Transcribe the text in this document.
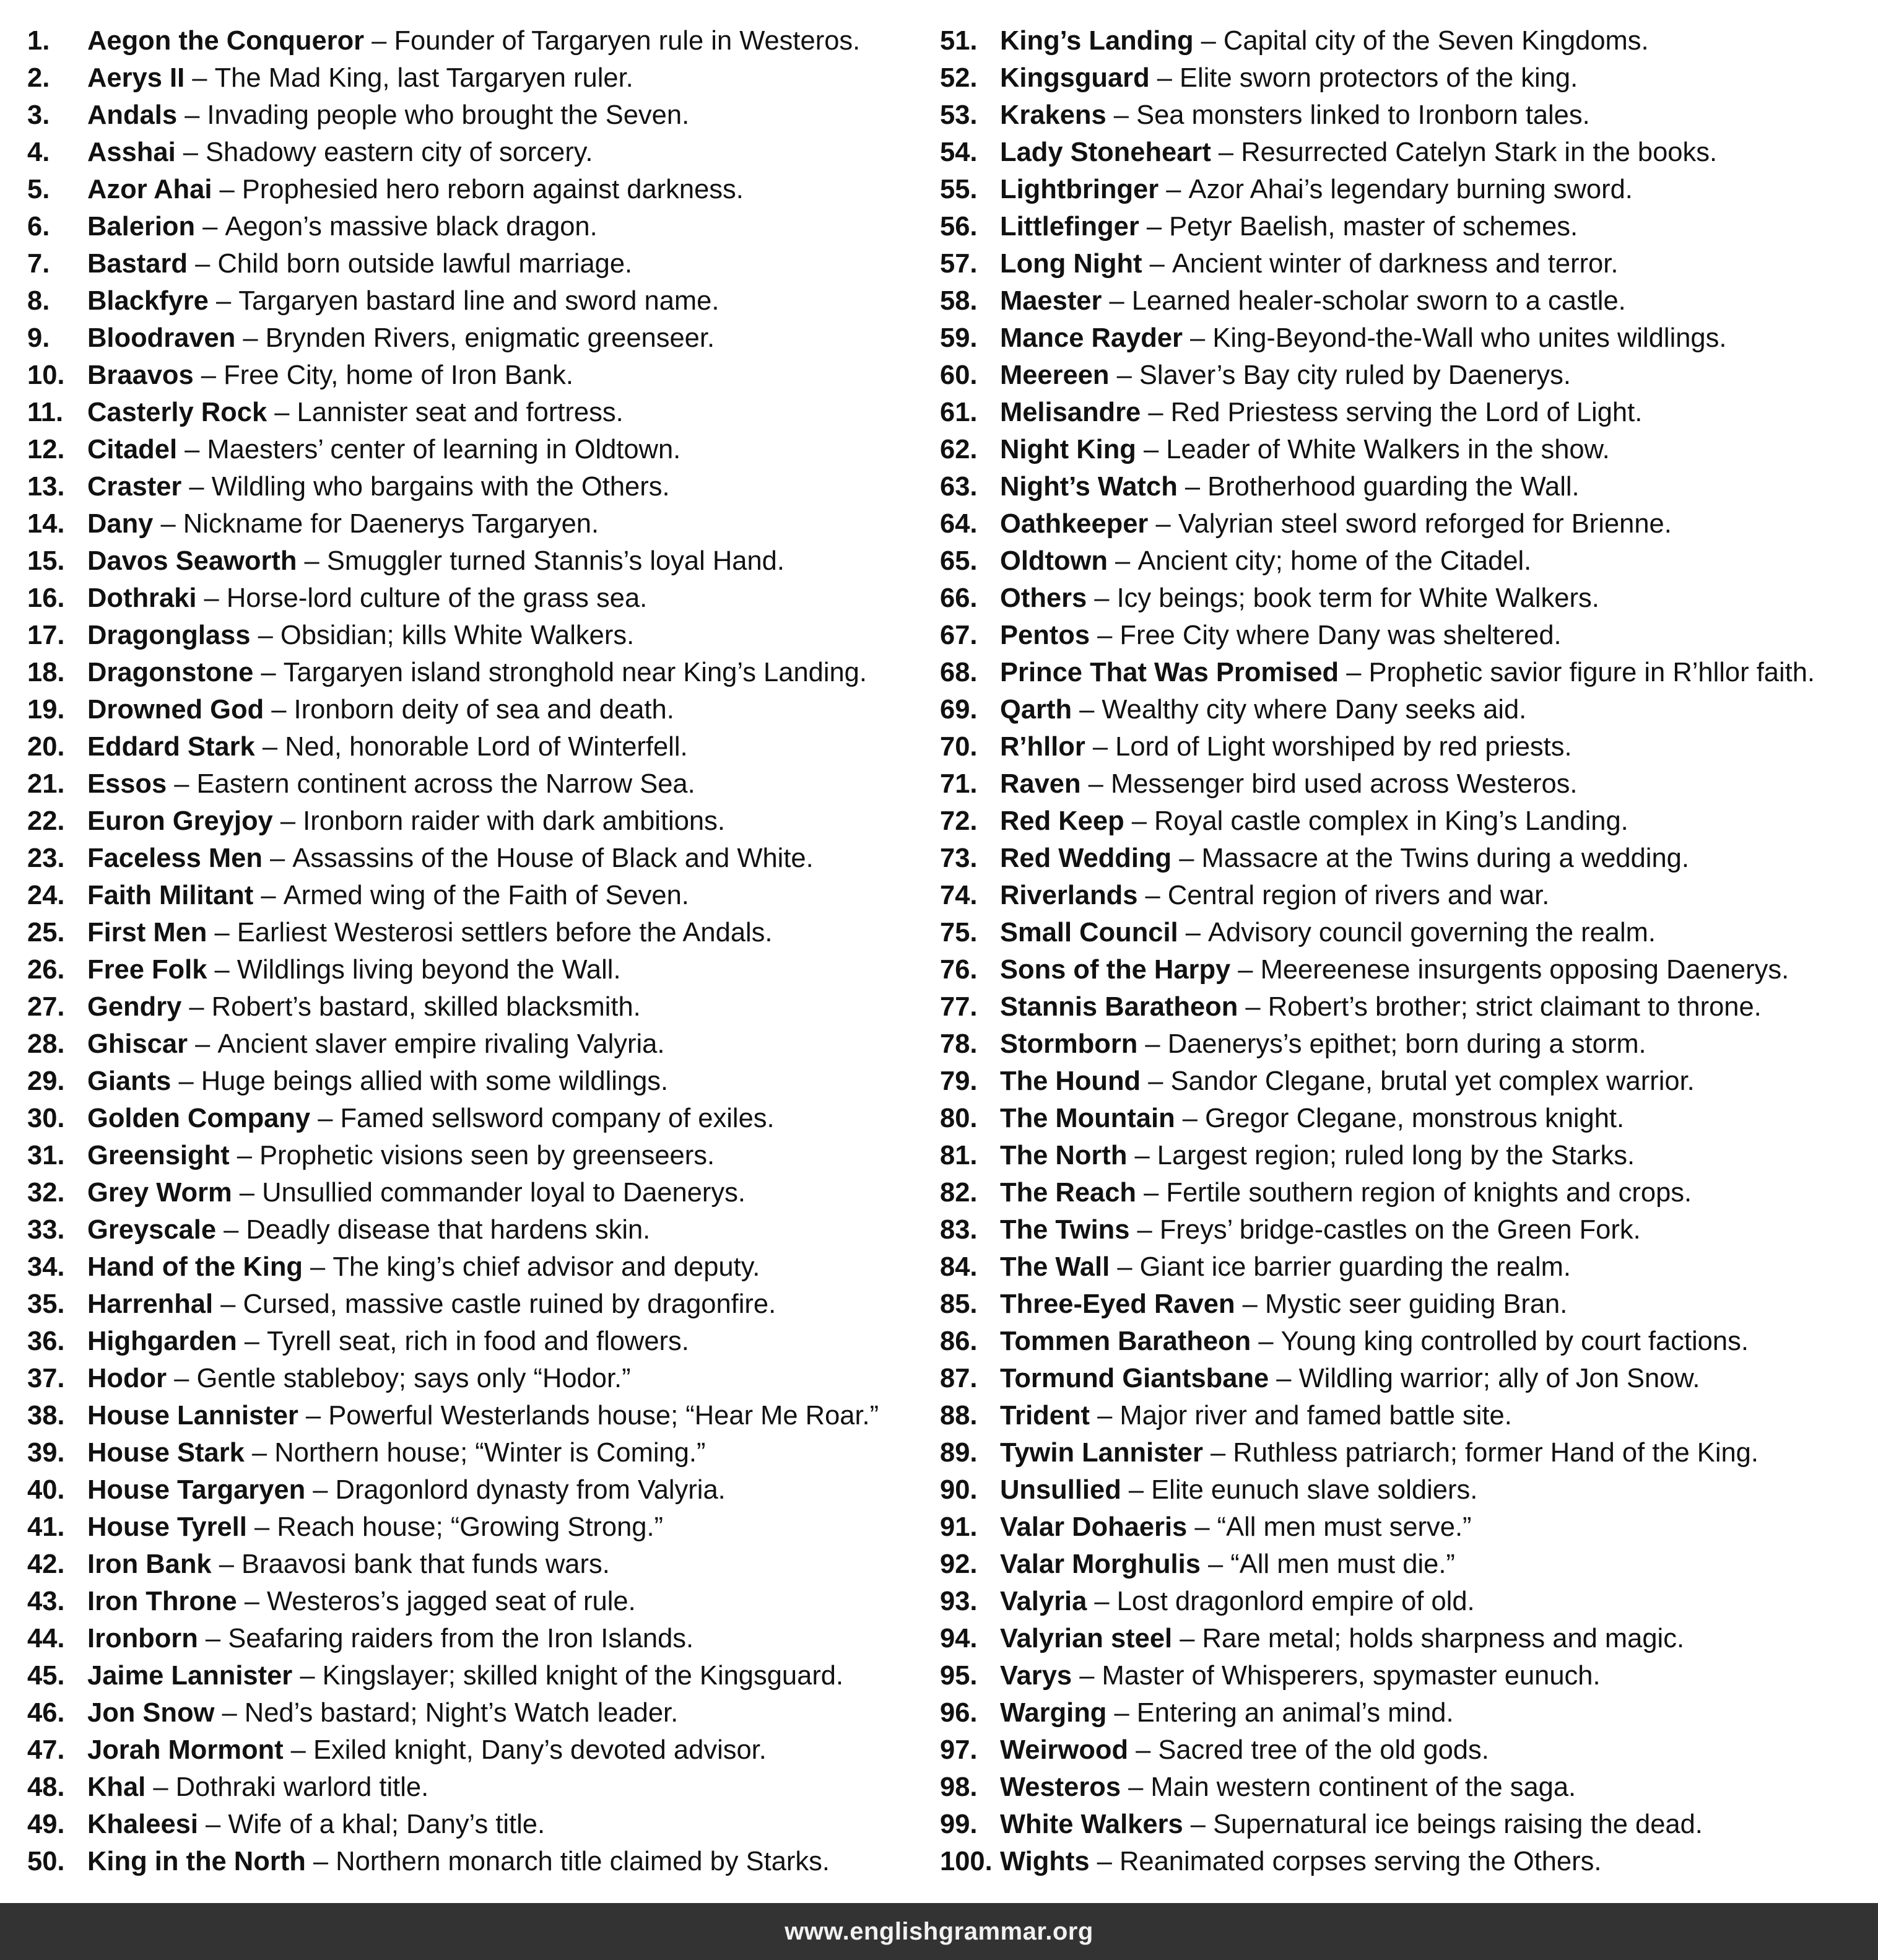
1.	Aegon the Conqueror – Founder of Targaryen rule in Westeros.
2.	Aerys II – The Mad King, last Targaryen ruler.
3.	Andals – Invading people who brought the Seven.
4.	Asshai – Shadowy eastern city of sorcery.
5.	Azor Ahai – Prophesied hero reborn against darkness.
6.	Balerion – Aegon’s massive black dragon.
7.	Bastard – Child born outside lawful marriage.
8.	Blackfyre – Targaryen bastard line and sword name.
9.	Bloodraven – Brynden Rivers, enigmatic greenseer.
10. Braavos – Free City, home of Iron Bank.
11. Casterly Rock – Lannister seat and fortress.
12. Citadel – Maesters’ center of learning in Oldtown.
13. Craster – Wildling who bargains with the Others.
14. Dany – Nickname for Daenerys Targaryen.
15. Davos Seaworth – Smuggler turned Stannis’s loyal Hand.
16. Dothraki – Horse-lord culture of the grass sea.
17. Dragonglass – Obsidian; kills White Walkers.
18. Dragonstone – Targaryen island stronghold near King’s Landing.
19. Drowned God – Ironborn deity of sea and death.
20. Eddard Stark – Ned, honorable Lord of Winterfell.
21. Essos – Eastern continent across the Narrow Sea.
22. Euron Greyjoy – Ironborn raider with dark ambitions.
23. Faceless Men – Assassins of the House of Black and White.
24. Faith Militant – Armed wing of the Faith of Seven.
25. First Men – Earliest Westerosi settlers before the Andals.
26. Free Folk – Wildlings living beyond the Wall.
27. Gendry – Robert’s bastard, skilled blacksmith.
28. Ghiscar – Ancient slaver empire rivaling Valyria.
29. Giants – Huge beings allied with some wildlings.
30. Golden Company – Famed sellsword company of exiles.
31. Greensight – Prophetic visions seen by greenseers.
32. Grey Worm – Unsullied commander loyal to Daenerys.
33. Greyscale – Deadly disease that hardens skin.
34. Hand of the King – The king’s chief advisor and deputy.
35. Harrenhal – Cursed, massive castle ruined by dragonfire.
36. Highgarden – Tyrell seat, rich in food and flowers.
37. Hodor – Gentle stableboy; says only “Hodor.”
38. House Lannister – Powerful Westerlands house; “Hear Me Roar.”
39. House Stark – Northern house; “Winter is Coming.”
40. House Targaryen – Dragonlord dynasty from Valyria.
41. House Tyrell – Reach house; “Growing Strong.”
42. Iron Bank – Braavosi bank that funds wars.
43. Iron Throne – Westeros’s jagged seat of rule.
44. Ironborn – Seafaring raiders from the Iron Islands.
45. Jaime Lannister – Kingslayer; skilled knight of the Kingsguard.
46. Jon Snow – Ned’s bastard; Night’s Watch leader.
47. Jorah Mormont – Exiled knight, Dany’s devoted advisor.
48. Khal – Dothraki warlord title.
49. Khaleesi – Wife of a khal; Dany’s title.
50. King in the North – Northern monarch title claimed by Starks.
51. King’s Landing – Capital city of the Seven Kingdoms.
52. Kingsguard – Elite sworn protectors of the king.
53. Krakens – Sea monsters linked to Ironborn tales.
54. Lady Stoneheart – Resurrected Catelyn Stark in the books.
55. Lightbringer – Azor Ahai’s legendary burning sword.
56. Littlefinger – Petyr Baelish, master of schemes.
57. Long Night – Ancient winter of darkness and terror.
58. Maester – Learned healer-scholar sworn to a castle.
59. Mance Rayder – King-Beyond-the-Wall who unites wildlings.
60. Meereen – Slaver’s Bay city ruled by Daenerys.
61. Melisandre – Red Priestess serving the Lord of Light.
62. Night King – Leader of White Walkers in the show.
63. Night’s Watch – Brotherhood guarding the Wall.
64. Oathkeeper – Valyrian steel sword reforged for Brienne.
65. Oldtown – Ancient city; home of the Citadel.
66. Others – Icy beings; book term for White Walkers.
67. Pentos – Free City where Dany was sheltered.
68. Prince That Was Promised – Prophetic savior figure in R’hllor faith.
69. Qarth – Wealthy city where Dany seeks aid.
70. R’hllor – Lord of Light worshiped by red priests.
71. Raven – Messenger bird used across Westeros.
72. Red Keep – Royal castle complex in King’s Landing.
73. Red Wedding – Massacre at the Twins during a wedding.
74. Riverlands – Central region of rivers and war.
75. Small Council – Advisory council governing the realm.
76. Sons of the Harpy – Meereenese insurgents opposing Daenerys.
77. Stannis Baratheon – Robert’s brother; strict claimant to throne.
78. Stormborn – Daenerys’s epithet; born during a storm.
79. The Hound – Sandor Clegane, brutal yet complex warrior.
80. The Mountain – Gregor Clegane, monstrous knight.
81. The North – Largest region; ruled long by the Starks.
82. The Reach – Fertile southern region of knights and crops.
83. The Twins – Freys’ bridge-castles on the Green Fork.
84. The Wall – Giant ice barrier guarding the realm.
85. Three-Eyed Raven – Mystic seer guiding Bran.
86. Tommen Baratheon – Young king controlled by court factions.
87. Tormund Giantsbane – Wildling warrior; ally of Jon Snow.
88. Trident – Major river and famed battle site.
89. Tywin Lannister – Ruthless patriarch; former Hand of the King.
90. Unsullied – Elite eunuch slave soldiers.
91. Valar Dohaeris – “All men must serve.”
92. Valar Morghulis – “All men must die.”
93. Valyria – Lost dragonlord empire of old.
94. Valyrian steel – Rare metal; holds sharpness and magic.
95. Varys – Master of Whisperers, spymaster eunuch.
96. Warging – Entering an animal’s mind.
97. Weirwood – Sacred tree of the old gods.
98. Westeros – Main western continent of the saga.
99. White Walkers – Supernatural ice beings raising the dead.
100. Wights – Reanimated corpses serving the Others.
www.englishgrammar.org
